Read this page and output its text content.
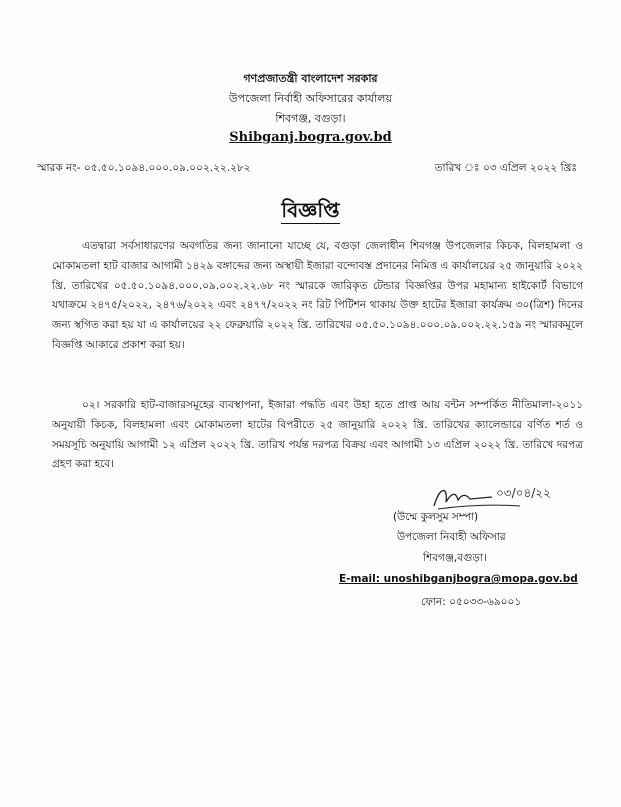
গণপ্রজাতন্ত্রী বাংলাদেশ সরকার
উপজেলা নির্বাহী অফিসারের কার্যালয়
শিবগঞ্জ, বগুড়া।
Shibganj.bogra.gov.bd
স্মারক নং- ০৫.৫০.১০৯৪.০০০.০৯.০০২.২২.২৮২	তারিখ ঃ ০৩ এপ্রিল ২০২২ খ্রিঃ
বিজ্ঞপ্তি
এতদ্বারা সর্বসাধারণের অবগতির জন্য জানানো যাচ্ছে যে, বগুড়া জেলাধীন শিবগঞ্জ উপজেলার কিচক, বিলহামলা ও মোকামতলা হাট বাজার আগামী ১৪২৯ বঙ্গাব্দের জন্য অস্থায়ী ইজারা বন্দোবস্ত প্রদানের নিমিত্ত এ কার্যালয়ের ২৫ জানুয়ারি ২০২২ খ্রি. তারিখের ০৫.৫০.১০৯৪.০০০.০৯.০০২.২২.৬৮ নং স্মারকে জারিকৃত টেন্ডার বিজ্ঞপ্তির উপর মহামান্য হাইকোর্ট বিভাগে যথাক্রমে ২৪৭৫/২০২২, ২৪৭৬/২০২২ এবং ২৪৭৭/২০২২ নং রিট পিটিশন থাকায় উক্ত হাটের ইজারা কার্যক্রম ৩০(ত্রিশ) দিনের জন্য স্থগিত করা হয় যা এ কার্যালয়ের ২২ ফেব্রুয়ারি ২০২২ খ্রি. তারিখের ০৫.৫০.১০৯৪.০০০.০৯.০০২.২২.১৫৯ নং স্মারকমূলে বিজ্ঞপ্তি আকারে প্রকাশ করা হয়।
০২। সরকারি হাট-বাজারসমূহের ব্যবস্থাপনা, ইজারা পদ্ধতি এবং উহা হতে প্রাপ্ত আয় বন্টন সম্পর্কিত নীতিমালা-২০১১ অনুযায়ী কিচক, বিলহামলা এবং মোকামতলা হাটের বিপরীতে ২৫ জানুয়ারি ২০২২ খ্রি. তারিখের ক্যালেন্ডারে বর্ণিত শর্ত ও সময়সূচি অনুযায়ি আগামী ১২ এপ্রিল ২০২২ খ্রি. তারিখ পর্যন্ত দরপত্র বিক্রয় এবং আগামী ১৩ এপ্রিল ২০২২ খ্রি. তারিখে দরপত্র গ্রহণ করা হবে।
০৩/০৪/২২
(উম্মে কুলসুম সম্পা)
উপজেলা নিবাহী অফিসার
শিবগঞ্জ,বগুড়া।
E-mail: unoshibganjbogra@mopa.gov.bd
ফোন: ০৫০৩৩-৬৯০০১
